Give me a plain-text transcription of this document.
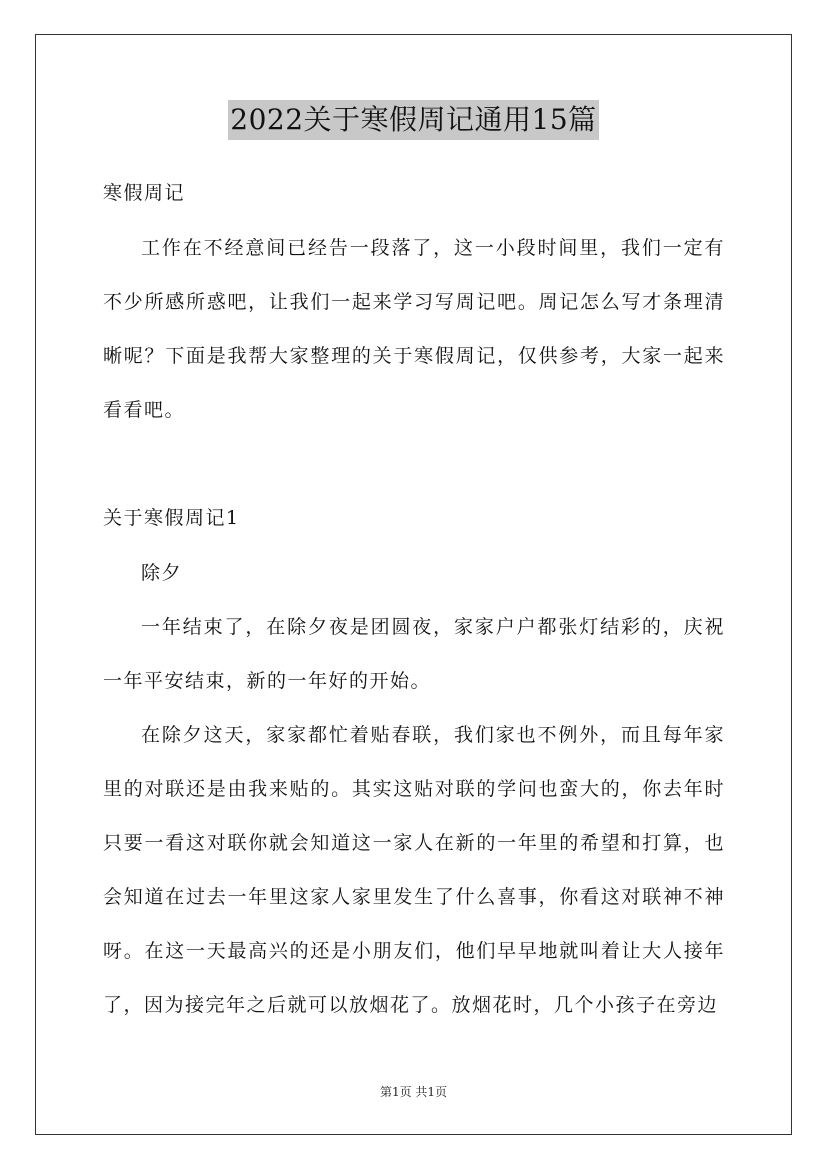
2022关于寒假周记通用15篇

寒假周记

工作在不经意间已经告一段落了，这一小段时间里，我们一定有不少所感所惑吧，让我们一起来学习写周记吧。周记怎么写才条理清晰呢？下面是我帮大家整理的关于寒假周记，仅供参考，大家一起来看看吧。

关于寒假周记1

除夕

一年结束了，在除夕夜是团圆夜，家家户户都张灯结彩的，庆祝一年平安结束，新的一年好的开始。

在除夕这天，家家都忙着贴春联，我们家也不例外，而且每年家里的对联还是由我来贴的。其实这贴对联的学问也蛮大的，你去年时只要一看这对联你就会知道这一家人在新的一年里的希望和打算，也会知道在过去一年里这家人家里发生了什么喜事，你看这对联神不神呀。在这一天最高兴的还是小朋友们，他们早早地就叫着让大人接年了，因为接完年之后就可以放烟花了。放烟花时，几个小孩子在旁边

第1页 共1页
